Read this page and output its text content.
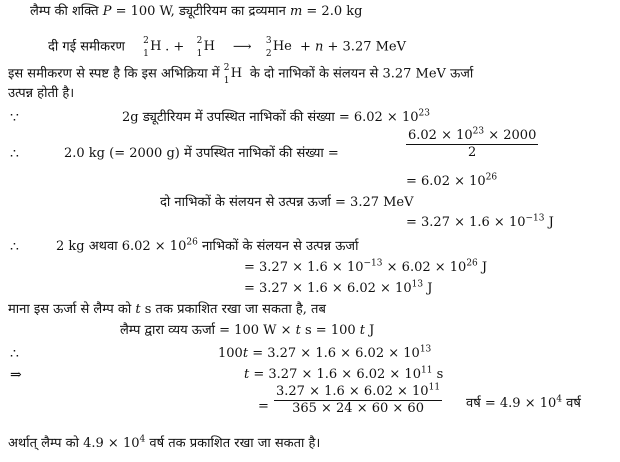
लैम्प की शक्ति P = 100 W, ड्यूटीरियम का द्रव्यमान m = 2.0 kg
दी गई समीकरण 2
1 H . + 2
1 H ⟶ 3
2 He + n + 3.27 MeV
इस समीकरण से स्पष्ट है कि इस अभिक्रिया में 2
1 H के दो नाभिकों के संलयन से 3.27 MeV ऊर्जा
उत्पन्न होती है।
∵	2g ड्यूटीरियम में उपस्थित नाभिकों की संख्या = $6.02 \times 10^{23}$
∴	2.0 kg (= 2000 g) में उपस्थित नाभिकों की संख्या =	$\frac{6.02 \times 10^{23} \times 2000}{2}$
= $6.02 \times 10^{26}$
दो नाभिकों के संलयन से उत्पन्न ऊर्जा = 3.27 MeV
= $3.27 \times 1.6 \times 10^{-13}$ J
∴	2 kg अथवा $6.02 \times 10^{26}$ नाभिकों के संलयन से उत्पन्न ऊर्जा
= $3.27 \times 1.6 \times 10^{-13} \times 6.02 \times 10^{26}$ J
= $3.27 \times 1.6 \times 6.02 \times 10^{13}$ J
माना इस ऊर्जा से लैम्प को t s तक प्रकाशित रखा जा सकता है, तब
लैम्प द्वारा व्यय ऊर्जा = 100 W × t s = 100 t J
∴	$100t = 3.27 \times 1.6 \times 6.02 \times 10^{13}$
⇒	$t = 3.27 \times 1.6 \times 6.02 \times 10^{11}$ s
= $\frac{3.27 \times 1.6 \times 6.02 \times 10^{11}}{365 \times 24 \times 60 \times 60}$ वर्ष = $4.9 \times 10^4$ वर्ष
अर्थात् लैम्प को $4.9 \times 10^4$ वर्ष तक प्रकाशित रखा जा सकता है।
